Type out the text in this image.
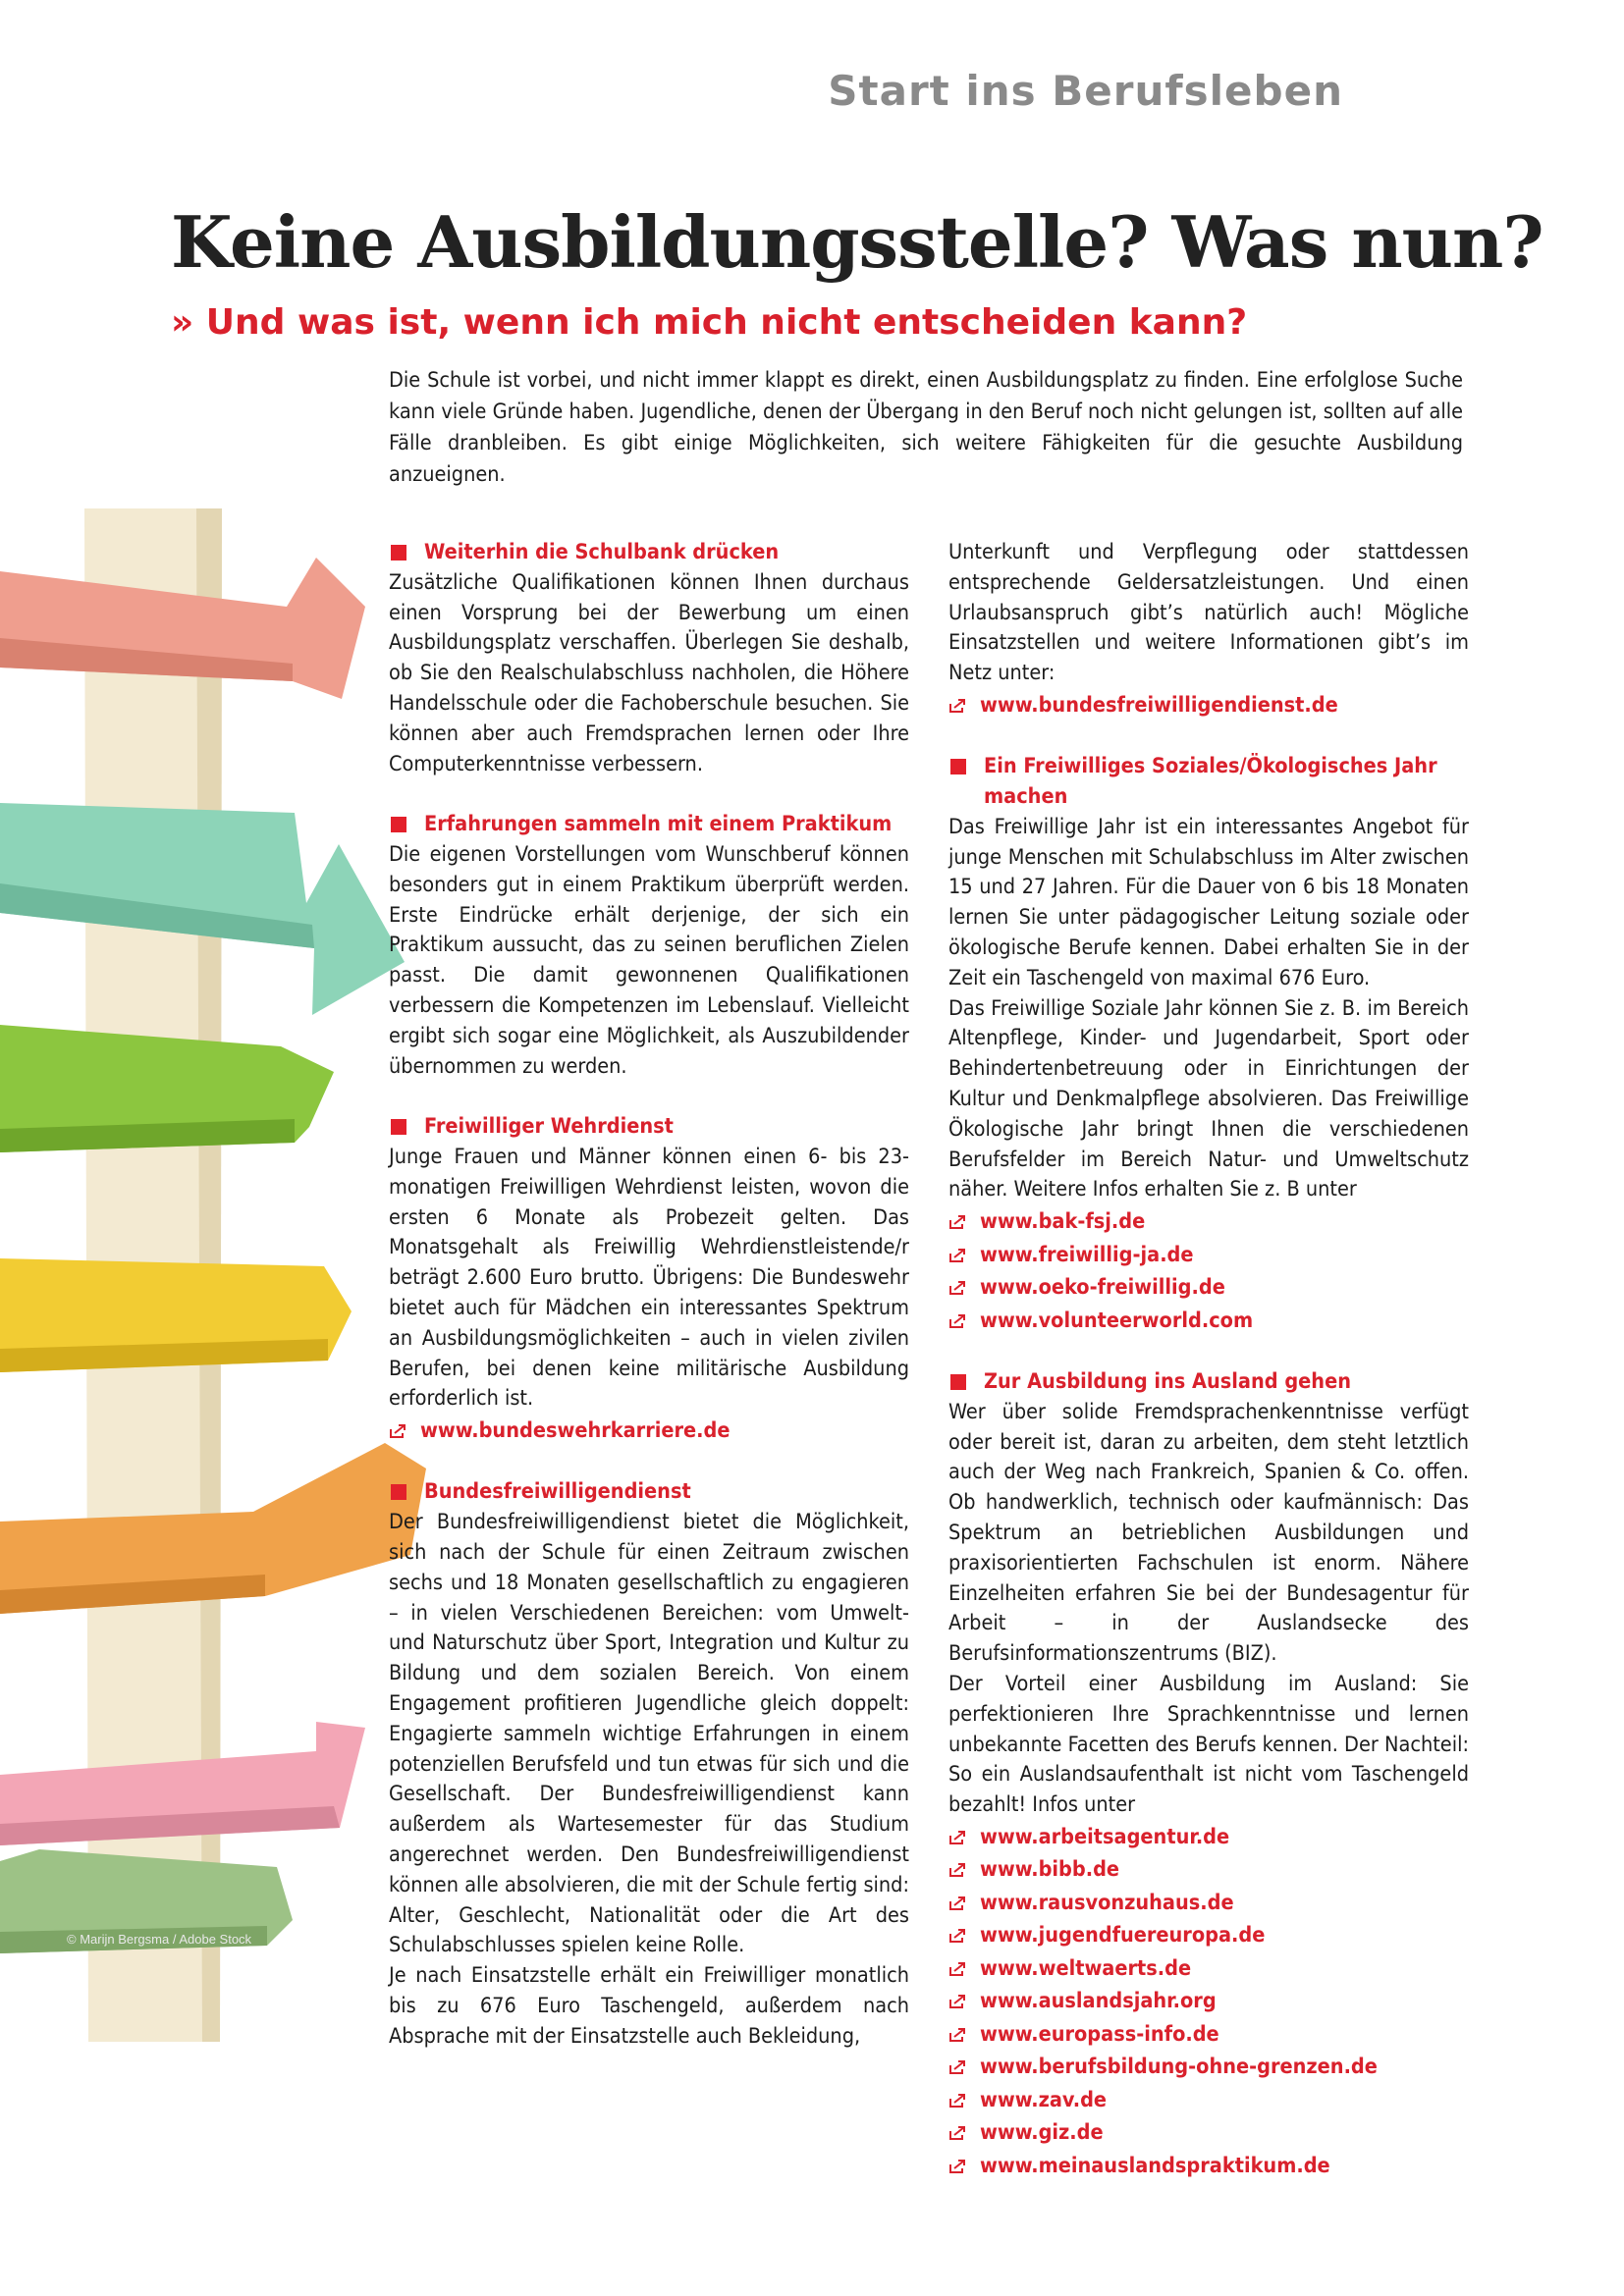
© Marijn Bergsma / Adobe Stock
Start ins Berufsleben
Keine Ausbildungsstelle? Was nun?
» Und was ist, wenn ich mich nicht entscheiden kann?

Die Schule ist vorbei, und nicht immer klappt es direkt, einen Ausbildungsplatz zu finden. Eine erfolglose Suche kann viele Gründe haben. Jugendliche, denen der Übergang in den Beruf noch nicht gelungen ist, sollten auf alle Fälle dranbleiben. Es gibt einige Möglichkeiten, sich weitere Fähigkeiten für die gesuchte Ausbildung anzueignen.

Weiterhin die Schulbank drücken

Zusätzliche Qualifikationen können Ihnen durchaus einen Vorsprung bei der Bewerbung um einen Ausbildungsplatz verschaffen. Überlegen Sie deshalb, ob Sie den Realschulabschluss nachholen, die Höhere Handelsschule oder die Fachoberschule besuchen. Sie können aber auch Fremdsprachen lernen oder Ihre Computerkenntnisse verbessern.

Erfahrungen sammeln mit einem Praktikum

Die eigenen Vorstellungen vom Wunschberuf können besonders gut in einem Praktikum überprüft werden. Erste Eindrücke erhält derjenige, der sich ein Praktikum aussucht, das zu seinen beruflichen Zielen passt. Die damit gewonnenen Qualifikationen verbessern die Kompetenzen im Lebenslauf. Vielleicht ergibt sich sogar eine Möglichkeit, als Auszubildender übernommen zu werden.

Freiwilliger Wehrdienst

Junge Frauen und Männer können einen 6- bis 23-monatigen Freiwilligen Wehrdienst leisten, wovon die ersten 6 Monate als Probezeit gelten. Das Monatsgehalt als Freiwillig Wehrdienstleistende/r beträgt 2.600 Euro brutto. Übrigens: Die Bundeswehr bietet auch für Mädchen ein interessantes Spektrum an Ausbildungsmöglichkeiten – auch in vielen zivilen Berufen, bei denen keine militärische Ausbildung erforderlich ist.

www.bundeswehrkarriere.de
Bundesfreiwilligendienst

Der Bundesfreiwilligendienst bietet die Möglichkeit, sich nach der Schule für einen Zeitraum zwischen sechs und 18 Monaten gesellschaftlich zu engagieren – in vielen Verschiedenen Bereichen: vom Umwelt- und Naturschutz über Sport, Integration und Kultur zu Bildung und dem sozialen Bereich. Von einem Engagement profitieren Jugendliche gleich doppelt: Engagierte sammeln wichtige Erfahrungen in einem potenziellen Berufsfeld und tun etwas für sich und die Gesellschaft. Der Bundesfreiwilligendienst kann außerdem als Wartesemester für das Studium angerechnet werden. Den Bundesfreiwilligendienst können alle absolvieren, die mit der Schule fertig sind: Alter, Geschlecht, Nationalität oder die Art des Schulabschlusses spielen keine Rolle.

Je nach Einsatzstelle erhält ein Freiwilliger monatlich bis zu 676 Euro Taschengeld, außerdem nach Absprache mit der Einsatzstelle auch Bekleidung,

Unterkunft und Verpflegung oder stattdessen entsprechende Geldersatzleistungen. Und einen Urlaubsanspruch gibt’s natürlich auch! Mögliche Einsatzstellen und weitere Informationen gibt’s im Netz unter:

www.bundesfreiwilligendienst.de
Ein Freiwilliges Soziales/Ökologisches Jahr machen

Das Freiwillige Jahr ist ein interessantes Angebot für junge Menschen mit Schulabschluss im Alter zwischen 15 und 27 Jahren. Für die Dauer von 6 bis 18 Monaten lernen Sie unter pädagogischer Leitung soziale oder ökologische Berufe kennen. Dabei erhalten Sie in der Zeit ein Taschengeld von maximal 676 Euro.

Das Freiwillige Soziale Jahr können Sie z. B. im Bereich Altenpflege, Kinder- und Jugendarbeit, Sport oder Behindertenbetreuung oder in Einrichtungen der Kultur und Denkmalpflege absolvieren. Das Freiwillige Ökologische Jahr bringt Ihnen die verschiedenen Berufsfelder im Bereich Natur- und Umweltschutz näher. Weitere Infos erhalten Sie z. B unter

www.bak-fsj.de
www.freiwillig-ja.de
www.oeko-freiwillig.de
www.volunteerworld.com
Zur Ausbildung ins Ausland gehen

Wer über solide Fremdsprachenkenntnisse verfügt oder bereit ist, daran zu arbeiten, dem steht letztlich auch der Weg nach Frankreich, Spanien & Co. offen. Ob handwerklich, technisch oder kaufmännisch: Das Spektrum an betrieblichen Ausbildungen und praxisorientierten Fachschulen ist enorm. Nähere Einzelheiten erfahren Sie bei der Bundesagentur für Arbeit – in der Auslandsecke des Berufsinformationszentrums (BIZ).

Der Vorteil einer Ausbildung im Ausland: Sie perfektionieren Ihre Sprachkenntnisse und lernen unbekannte Facetten des Berufs kennen. Der Nachteil: So ein Auslandsaufenthalt ist nicht vom Taschengeld bezahlt! Infos unter

www.arbeitsagentur.de
www.bibb.de
www.rausvonzuhaus.de
www.jugendfuereuropa.de
www.weltwaerts.de
www.auslandsjahr.org
www.europass-info.de
www.berufsbildung-ohne-grenzen.de
www.zav.de
www.giz.de
www.meinauslandspraktikum.de
